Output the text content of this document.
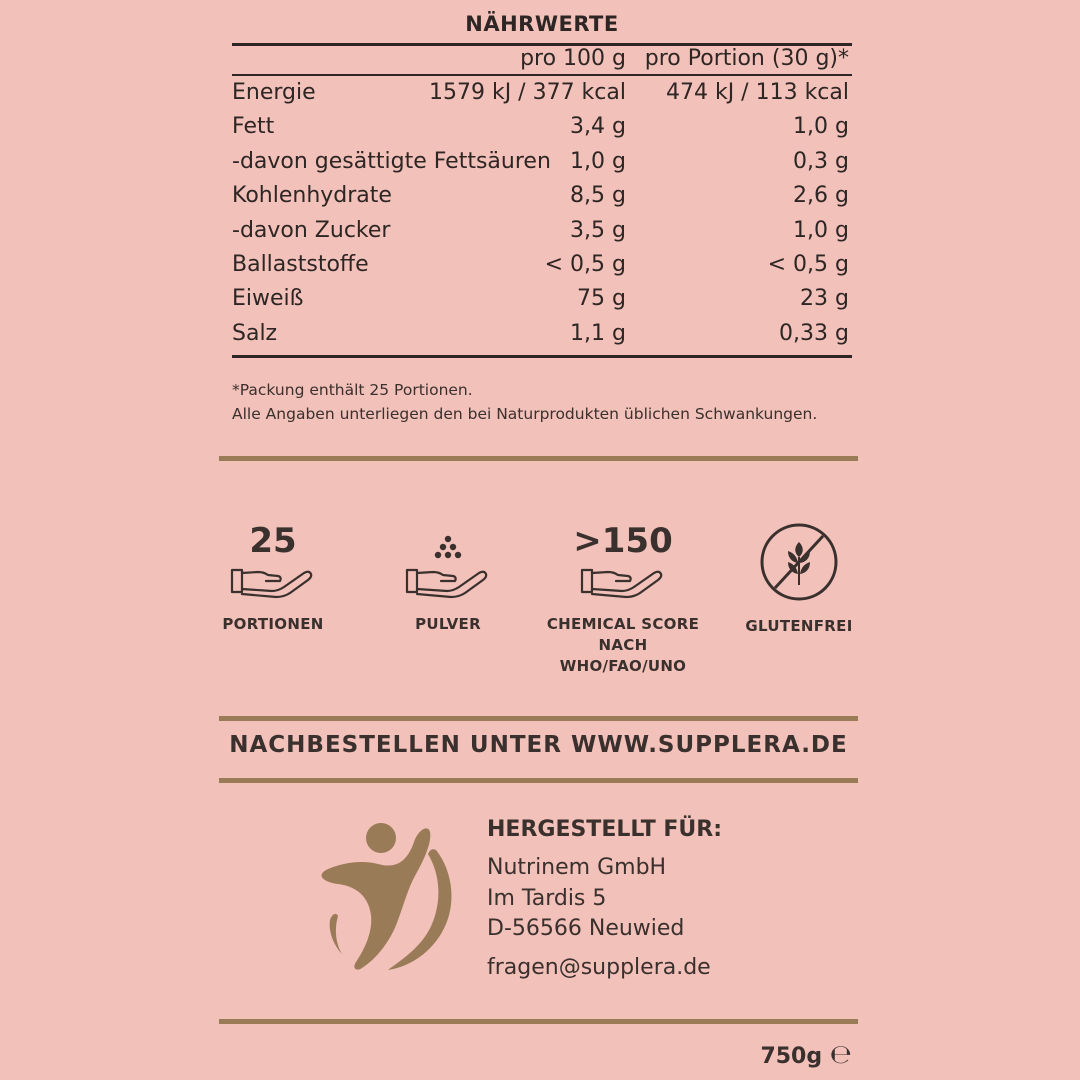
NÄHRWERTE
pro 100 g pro Portion (30 g)*
Energie	1579 kJ / 377 kcal 474 kJ / 113 kcal
Fett	3,4 g	1,0 g
-davon gesättigte Fettsäuren 1,0 g	0,3 g
Kohlenhydrate	8,5 g	2,6 g
-davon Zucker	3,5 g	1,0 g
Ballaststoffe	< 0,5 g	< 0,5 g
Eiweiß	75 g	23 g
Salz	1,1 g	0,33 g
*Packung enthält 25 Portionen.
Alle Angaben unterliegen den bei Naturprodukten üblichen Schwankungen.
25
PORTIONEN	PULVER
>150
CHEMICAL SCORE
NACH WHO/FAO/UNO
GLUTENFREI
NACHBESTELLEN UNTER WWW.SUPPLERA.DE
HERGESTELLT FÜR:
Nutrinem GmbH
Im Tardis 5
D-56566 Neuwied
fragen@supplera.de
750g ℮
